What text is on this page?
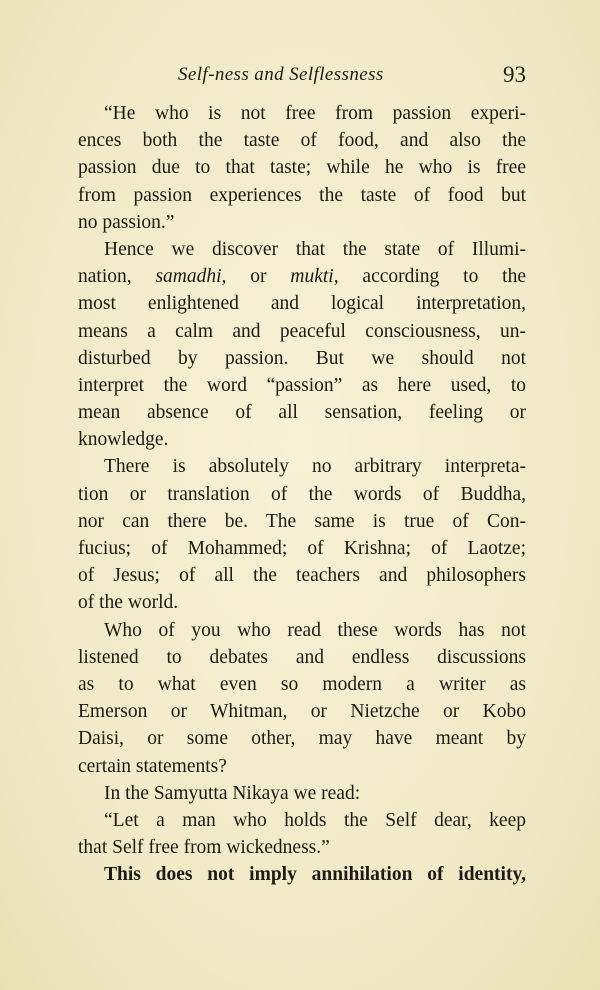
Self-ness and Selflessness	93
“He who is not free from passion experi-
ences both the taste of food, and also the
passion due to that taste; while he who is free
from passion experiences the taste of food but
no passion.”
Hence we discover that the state of Illumi-
nation, samadhi, or mukti, according to the
most enlightened and logical interpretation,
means a calm and peaceful consciousness, un-
disturbed by passion. But we should not
interpret the word “passion” as here used, to
mean absence of all sensation, feeling or
knowledge.
There is absolutely no arbitrary interpreta-
tion or translation of the words of Buddha,
nor can there be. The same is true of Con-
fucius; of Mohammed; of Krishna; of Laotze;
of Jesus; of all the teachers and philosophers
of the world.
Who of you who read these words has not
listened to debates and endless discussions
as to what even so modern a writer as
Emerson or Whitman, or Nietzche or Kobo
Daisi, or some other, may have meant by
certain statements?
In the Samyutta Nikaya we read:
“Let a man who holds the Self dear, keep
that Self free from wickedness.”
This does not imply annihilation of identity,
